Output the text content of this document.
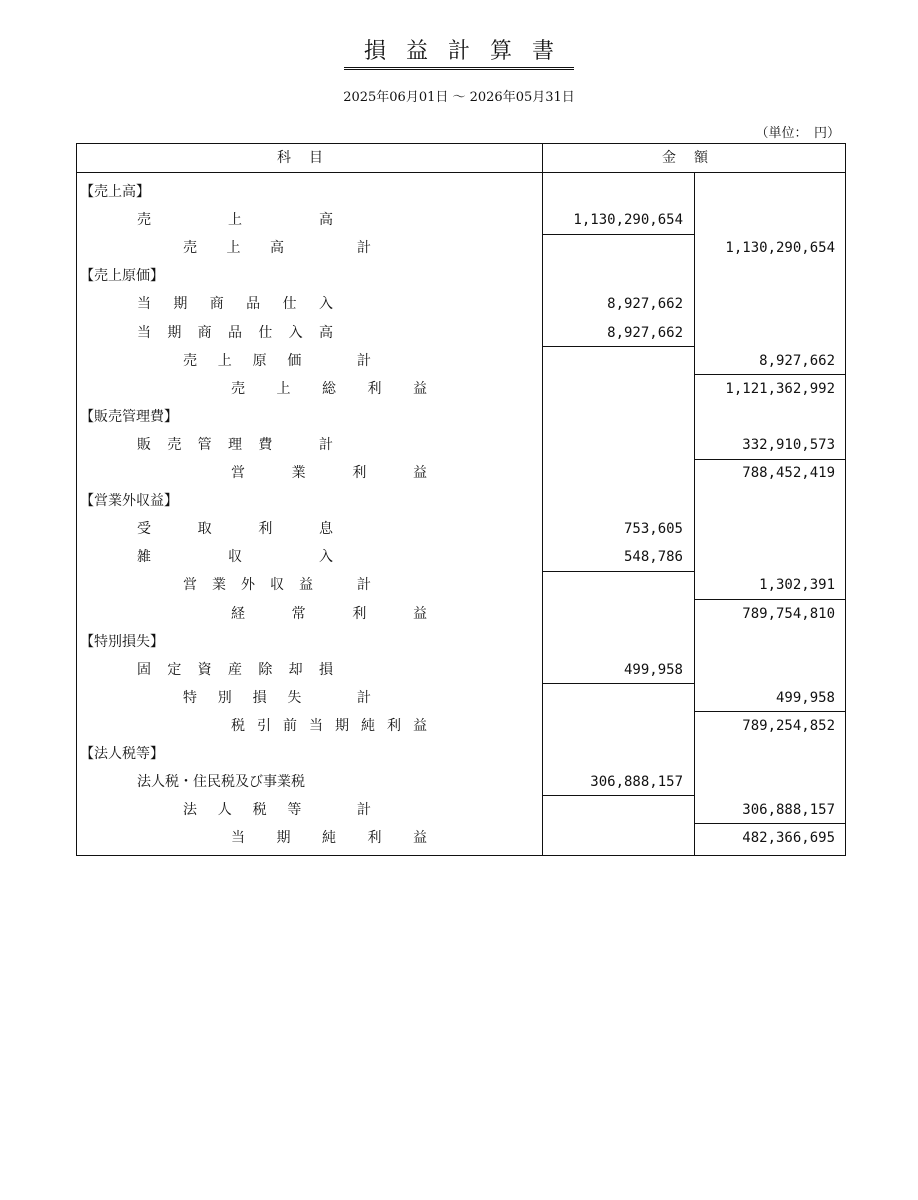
損益計算書
2025年06月01日 ～ 2026年05月31日
（単位：　円）
科目	金額
【売上高】
売	上	高	1,130,290,654
売 上 高	計	1,130,290,654
【売上原価】
当 期 商 品 仕 入	8,927,662
当 期 商 品 仕 入 高	8,927,662
売 上 原 価	計	8,927,662
売 上 総 利 益	1,121,362,992
【販売管理費】
販 売 管 理 費	計	332,910,573
営	業	利	益	788,452,419
【営業外収益】
受	取	利	息	753,605
雑	収	入	548,786
営 業 外 収 益	計	1,302,391
経	常	利	益	789,754,810
【特別損失】
固 定 資 産 除 却 損	499,958
特 別 損 失	計	499,958
税 引 前 当 期 純 利 益	789,254,852
【法人税等】
法人税・住民税及び事業税	306,888,157
法 人 税 等	計	306,888,157
当 期 純 利 益	482,366,695
